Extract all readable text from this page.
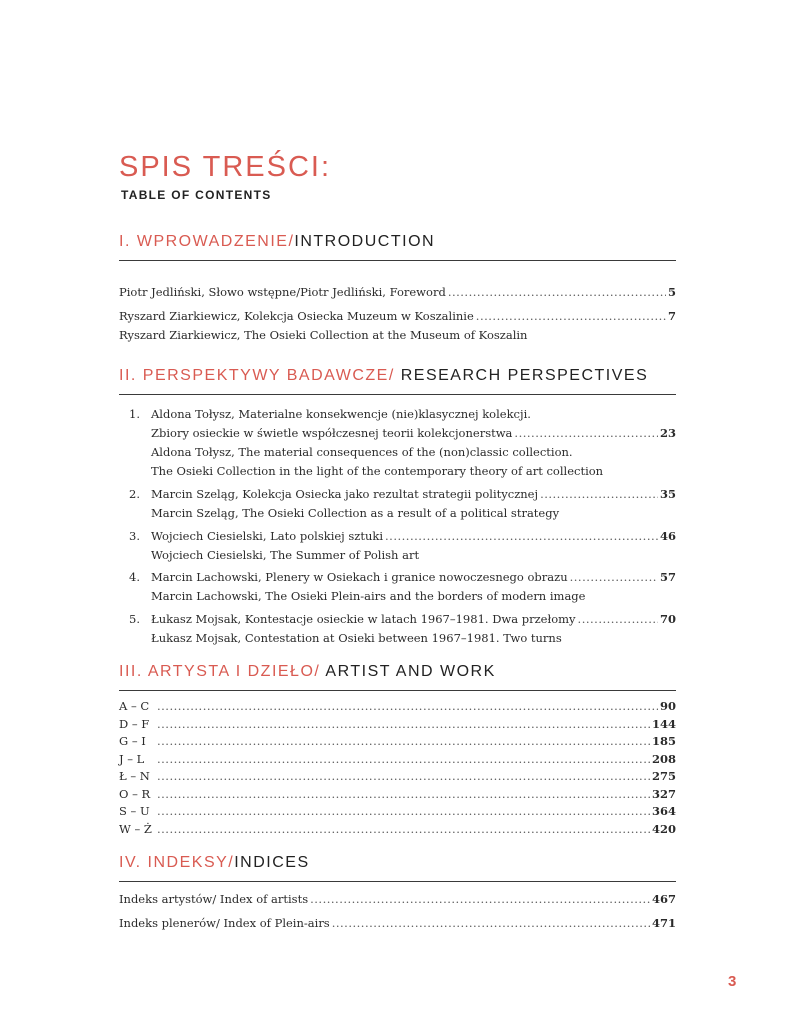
SPIS TREŚCI:
TABLE OF CONTENTS
I. WPROWADZENIE/INTRODUCTION
Piotr Jedliński, Słowo wstępne/Piotr Jedliński, Foreword .....	5
Ryszard Ziarkiewicz, Kolekcja Osiecka Muzeum w Koszalinie .....	7
Ryszard Ziarkiewicz, The Osieki Collection at the Museum of Koszalin
II. PERSPEKTYWY BADAWCZE/ RESEARCH PERSPECTIVES
1. Aldona Tołysz, Materialne konsekwencje (nie)klasycznej kolekcji.
Zbiory osieckie w świetle współczesnej teorii kolekcjonerstwa .....	23
Aldona Tołysz, The material consequences of the (non)classic collection.
The Osieki Collection in the light of the contemporary theory of art collection
2. Marcin Szeląg, Kolekcja Osiecka jako rezultat strategii politycznej .....	35
Marcin Szeląg, The Osieki Collection as a result of a political strategy
3. Wojciech Ciesielski, Lato polskiej sztuki .....	46
Wojciech Ciesielski, The Summer of Polish art
4. Marcin Lachowski, Plenery w Osiekach i granice nowoczesnego obrazu .....	57
Marcin Lachowski, The Osieki Plein-airs and the borders of modern image
5. Łukasz Mojsak, Kontestacje osieckie w latach 1967–1981. Dwa przełomy .....	70
Łukasz Mojsak, Contestation at Osieki between 1967–1981. Two turns
III. ARTYSTA I DZIEŁO/ ARTIST AND WORK
A – C .....	90
D – F .....	144
G – I .....	185
J – L .....	208
Ł – N .....	275
O – R .....	327
S – U .....	364
W – Ż .....	420
IV. INDEKSY/INDICES
Indeks artystów/ Index of artists .....	467
Indeks plenerów/ Index of Plein-airs .....	471
3
